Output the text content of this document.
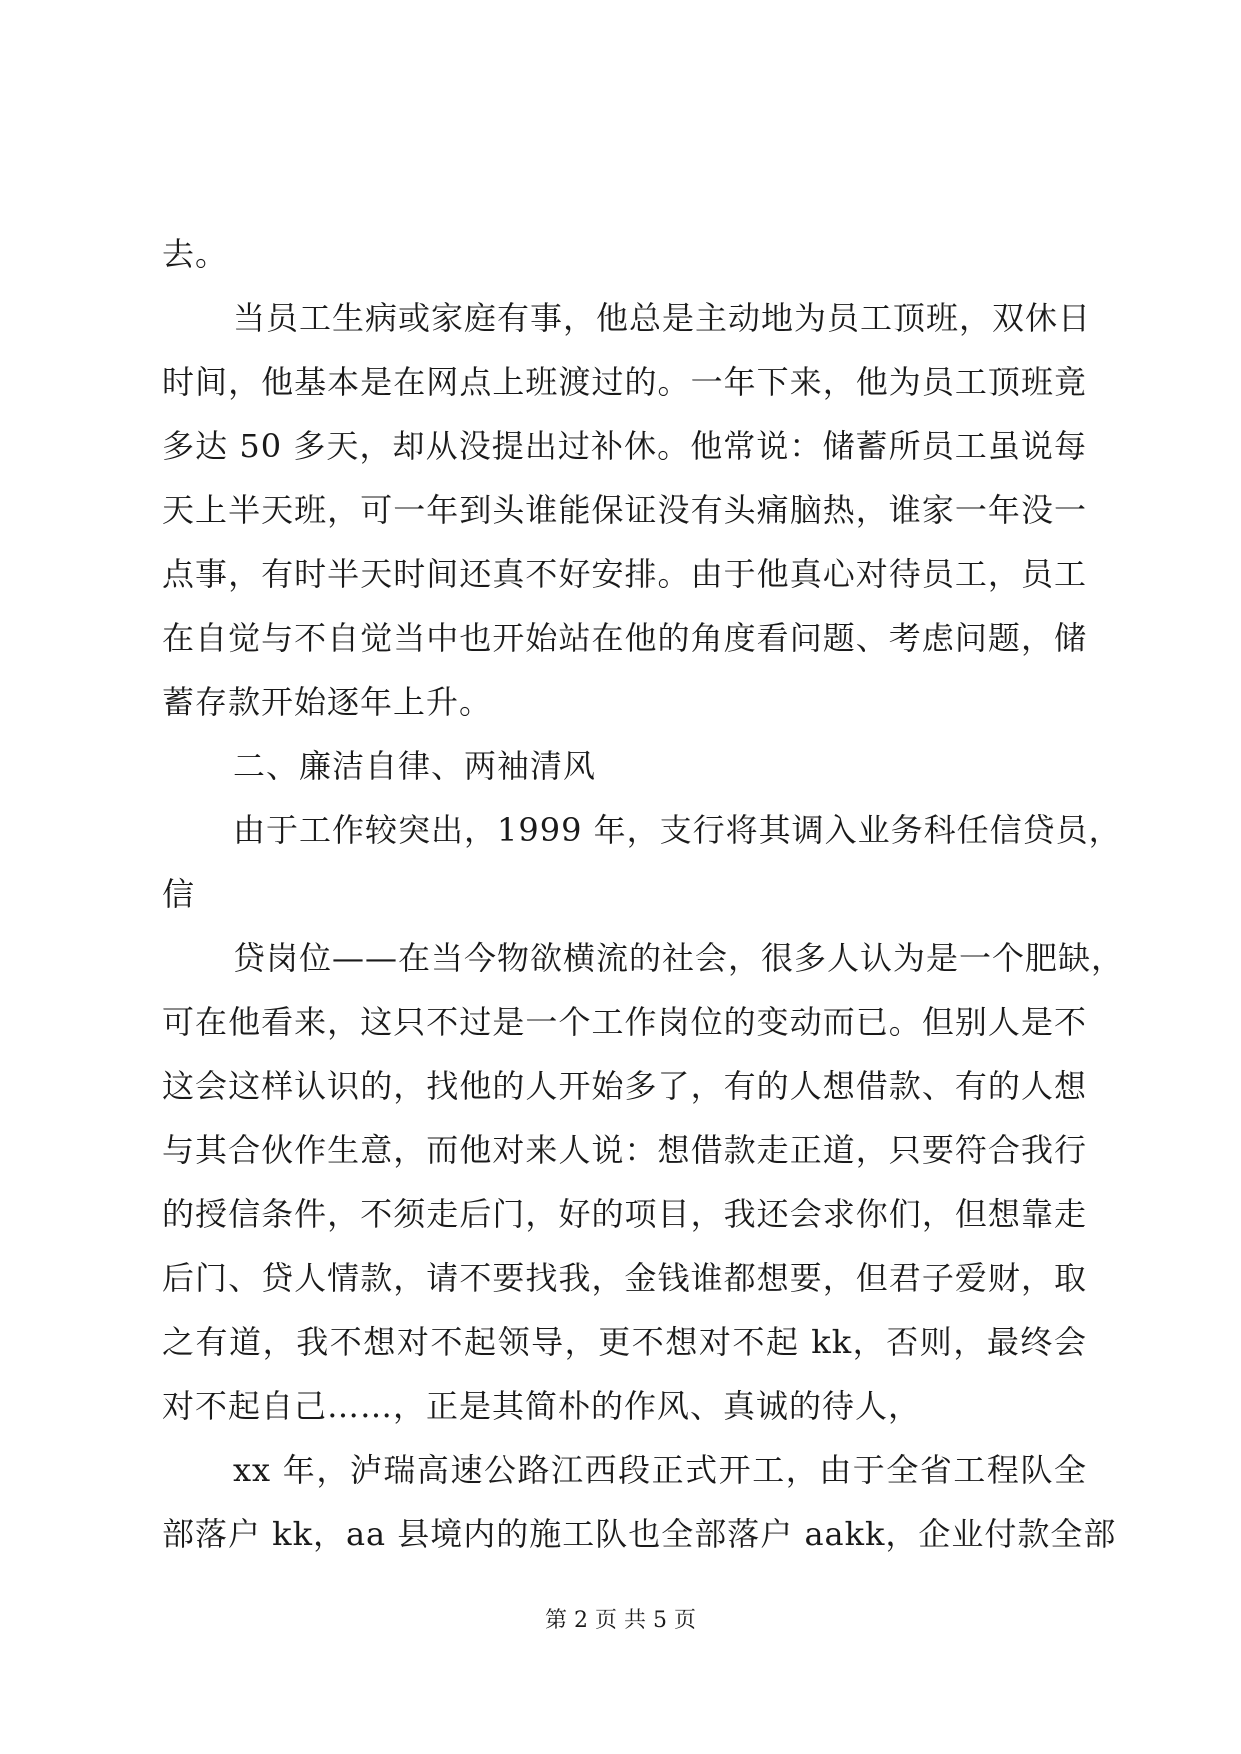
去。
当员工生病或家庭有事，他总是主动地为员工顶班，双休日
时间，他基本是在网点上班渡过的。一年下来，他为员工顶班竟
多达 50 多天，却从没提出过补休。他常说：储蓄所员工虽说每
天上半天班，可一年到头谁能保证没有头痛脑热，谁家一年没一
点事，有时半天时间还真不好安排。由于他真心对待员工，员工
在自觉与不自觉当中也开始站在他的角度看问题、考虑问题，储
蓄存款开始逐年上升。
二、廉洁自律、两袖清风
由于工作较突出，1999 年，支行将其调入业务科任信贷员，
信
贷岗位——在当今物欲横流的社会，很多人认为是一个肥缺，
可在他看来，这只不过是一个工作岗位的变动而已。但别人是不
这会这样认识的，找他的人开始多了，有的人想借款、有的人想
与其合伙作生意，而他对来人说：想借款走正道，只要符合我行
的授信条件，不须走后门，好的项目，我还会求你们，但想靠走
后门、贷人情款，请不要找我，金钱谁都想要，但君子爱财，取
之有道，我不想对不起领导，更不想对不起 kk，否则，最终会
对不起自己……，正是其简朴的作风、真诚的待人，
xx 年，泸瑞高速公路江西段正式开工，由于全省工程队全
部落户 kk，aa 县境内的施工队也全部落户 aakk，企业付款全部
第 2 页 共 5 页
